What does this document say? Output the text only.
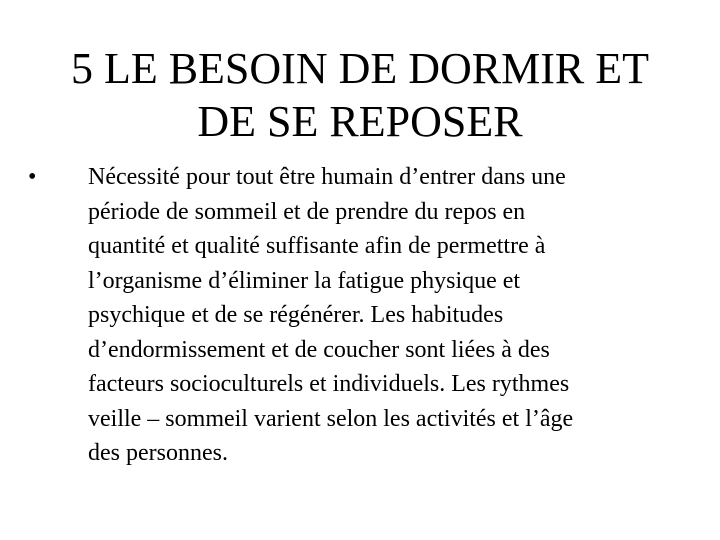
5 LE BESOIN DE DORMIR ET
DE SE REPOSER
•	Nécessité pour tout être humain d’entrer dans une
période de sommeil et de prendre du repos en
quantité et qualité suffisante afin de permettre à
l’organisme d’éliminer la fatigue physique et
psychique et de se régénérer. Les habitudes
d’endormissement et de coucher sont liées à des
facteurs socioculturels et individuels. Les rythmes
veille – sommeil varient selon les activités et l’âge
des personnes.
